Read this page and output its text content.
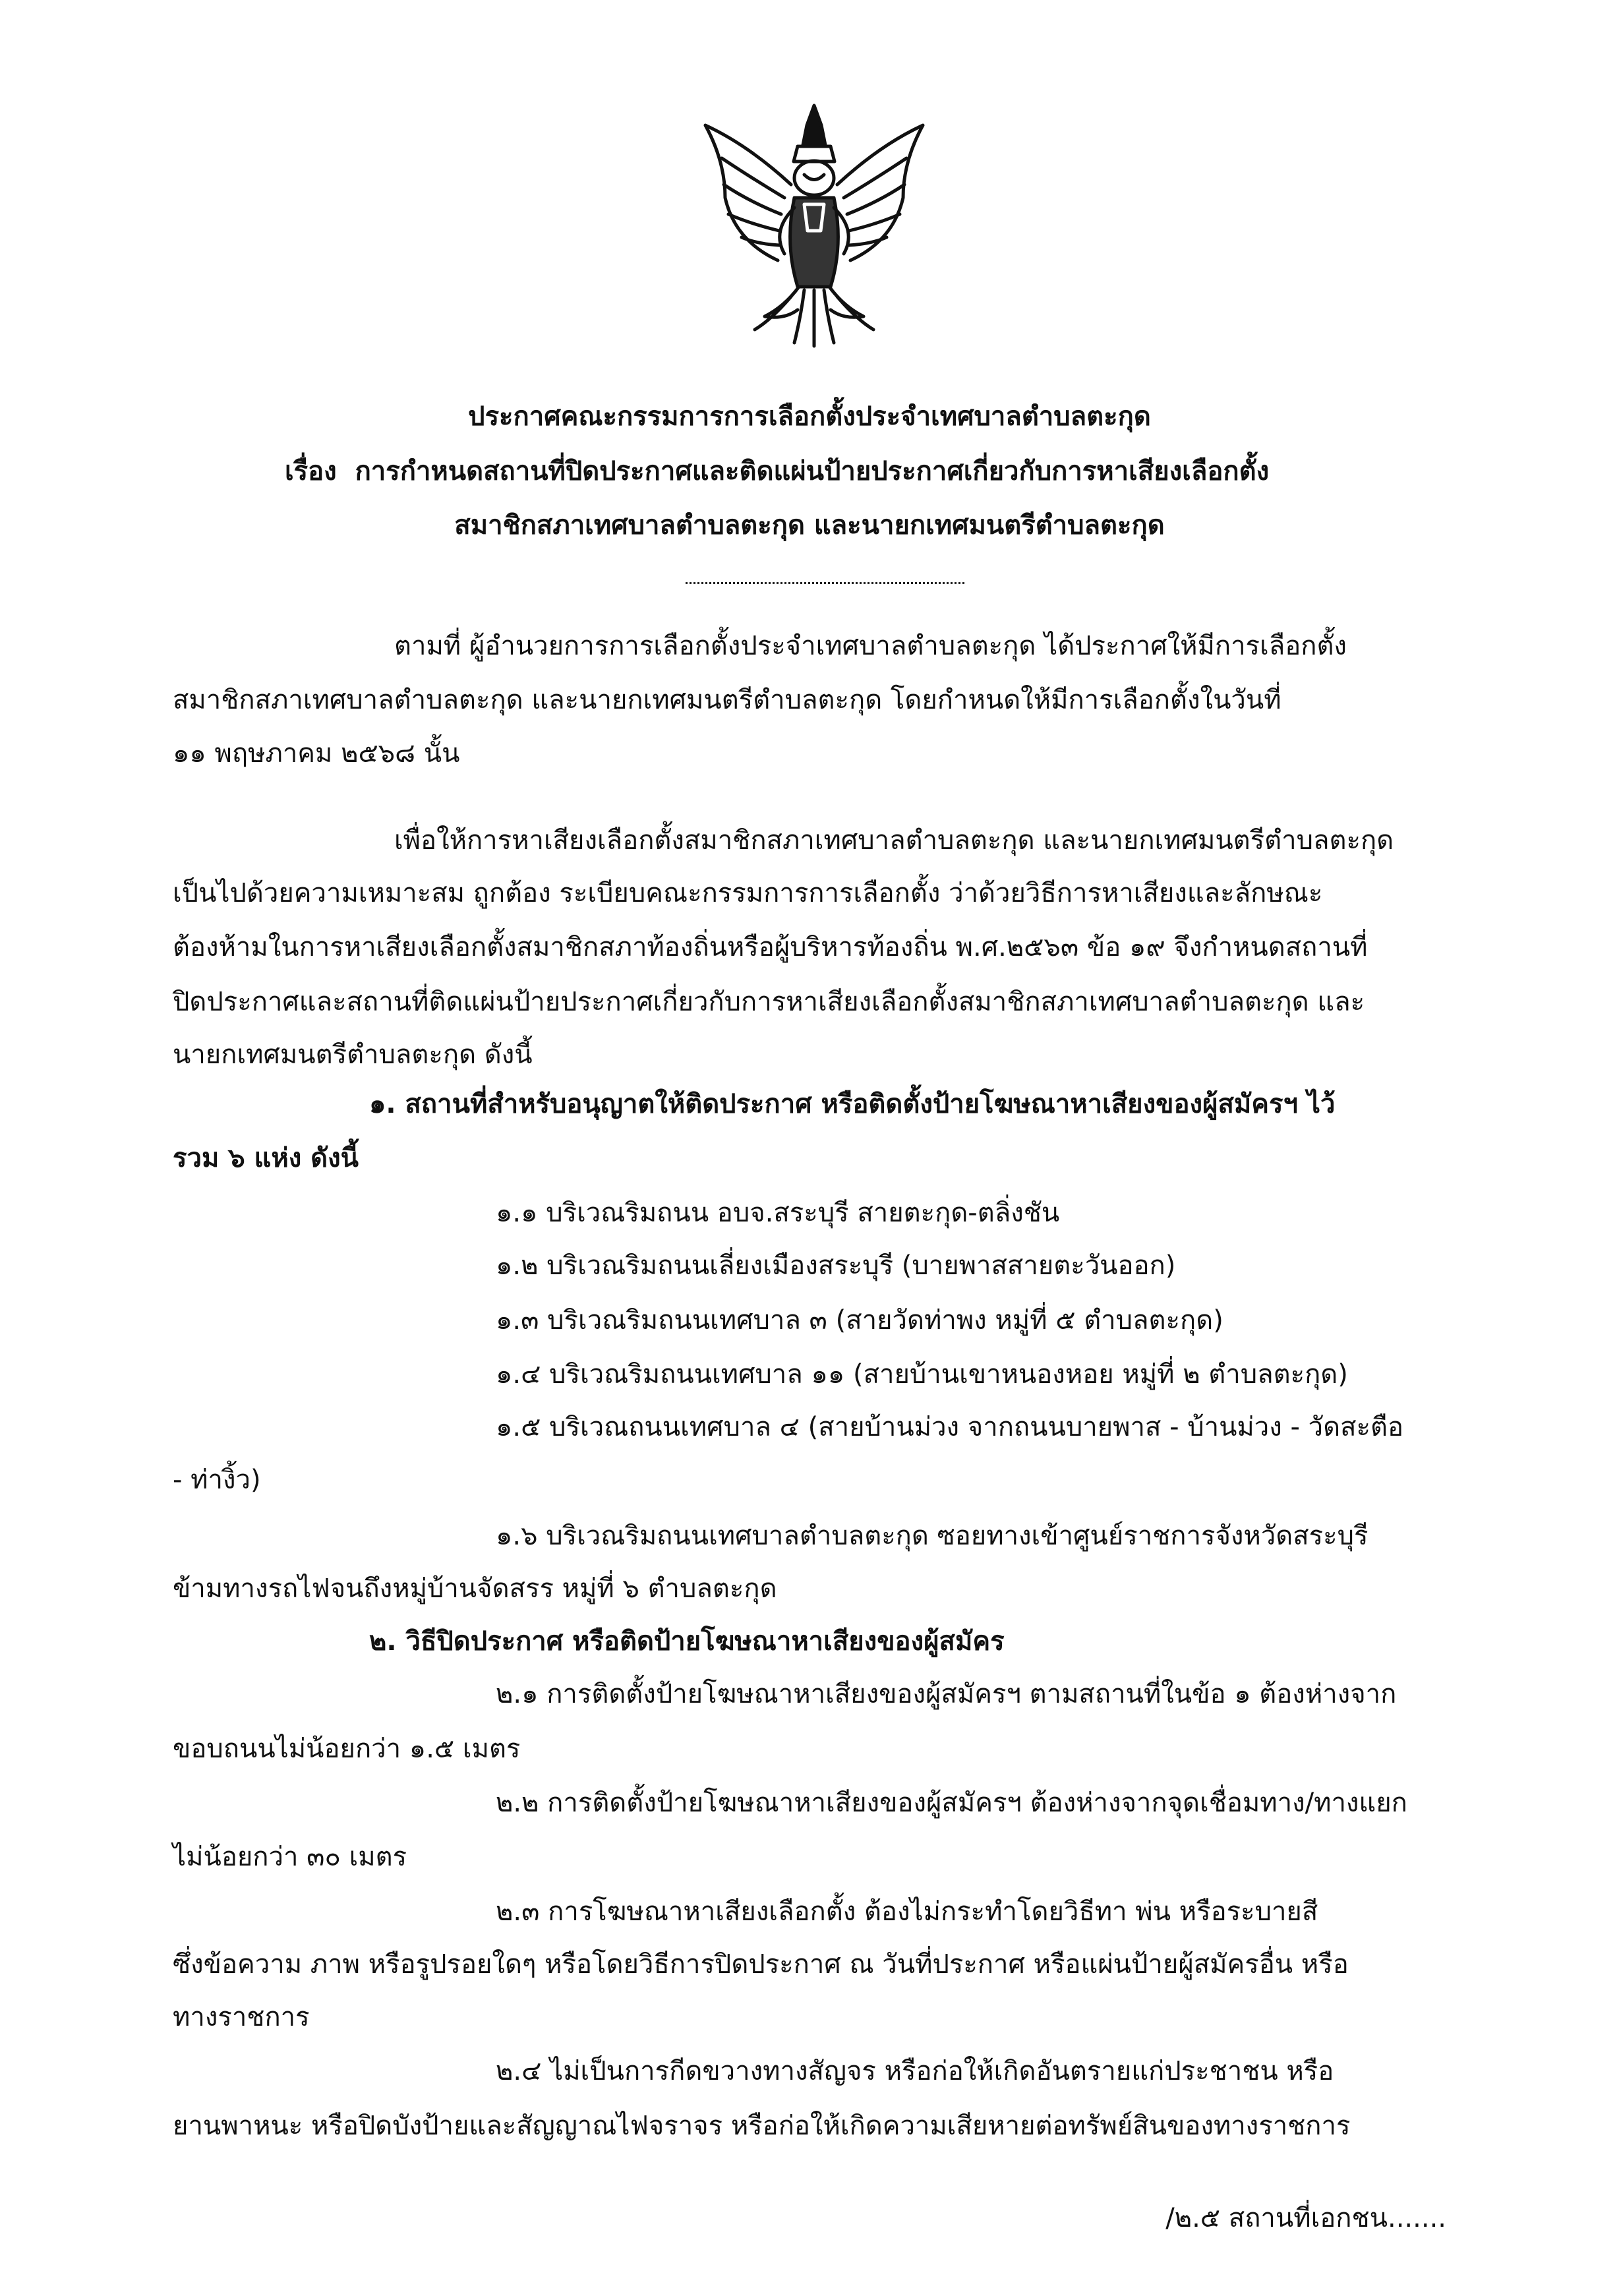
ประกาศคณะกรรมการการเลือกตั้งประจำเทศบาลตำบลตะกุด
เรื่อง การกำหนดสถานที่ปิดประกาศและติดแผ่นป้ายประกาศเกี่ยวกับการหาเสียงเลือกตั้ง
สมาชิกสภาเทศบาลตำบลตะกุด และนายกเทศมนตรีตำบลตะกุด
ตามที่ ผู้อำนวยการการเลือกตั้งประจำเทศบาลตำบลตะกุด ได้ประกาศให้มีการเลือกตั้ง
สมาชิกสภาเทศบาลตำบลตะกุด และนายกเทศมนตรีตำบลตะกุด โดยกำหนดให้มีการเลือกตั้งในวันที่
๑๑ พฤษภาคม ๒๕๖๘ นั้น
เพื่อให้การหาเสียงเลือกตั้งสมาชิกสภาเทศบาลตำบลตะกุด และนายกเทศมนตรีตำบลตะกุด
เป็นไปด้วยความเหมาะสม ถูกต้อง ระเบียบคณะกรรมการการเลือกตั้ง ว่าด้วยวิธีการหาเสียงและลักษณะ
ต้องห้ามในการหาเสียงเลือกตั้งสมาชิกสภาท้องถิ่นหรือผู้บริหารท้องถิ่น พ.ศ.๒๕๖๓ ข้อ ๑๙ จึงกำหนดสถานที่
ปิดประกาศและสถานที่ติดแผ่นป้ายประกาศเกี่ยวกับการหาเสียงเลือกตั้งสมาชิกสภาเทศบาลตำบลตะกุด และ
นายกเทศมนตรีตำบลตะกุด ดังนี้
๑. สถานที่สำหรับอนุญาตให้ติดประกาศ หรือติดตั้งป้ายโฆษณาหาเสียงของผู้สมัครฯ ไว้
รวม ๖ แห่ง ดังนี้
๑.๑ บริเวณริมถนน อบจ.สระบุรี สายตะกุด-ตลิ่งชัน
๑.๒ บริเวณริมถนนเลี่ยงเมืองสระบุรี (บายพาสสายตะวันออก)
๑.๓ บริเวณริมถนนเทศบาล ๓ (สายวัดท่าพง หมู่ที่ ๕ ตำบลตะกุด)
๑.๔ บริเวณริมถนนเทศบาล ๑๑ (สายบ้านเขาหนองหอย หมู่ที่ ๒ ตำบลตะกุด)
๑.๕ บริเวณถนนเทศบาล ๔ (สายบ้านม่วง จากถนนบายพาส - บ้านม่วง - วัดสะตือ
- ท่างิ้ว)
๑.๖ บริเวณริมถนนเทศบาลตำบลตะกุด ซอยทางเข้าศูนย์ราชการจังหวัดสระบุรี
ข้ามทางรถไฟจนถึงหมู่บ้านจัดสรร หมู่ที่ ๖ ตำบลตะกุด
๒. วิธีปิดประกาศ หรือติดป้ายโฆษณาหาเสียงของผู้สมัคร
๒.๑ การติดตั้งป้ายโฆษณาหาเสียงของผู้สมัครฯ ตามสถานที่ในข้อ ๑ ต้องห่างจาก
ขอบถนนไม่น้อยกว่า ๑.๕ เมตร
๒.๒ การติดตั้งป้ายโฆษณาหาเสียงของผู้สมัครฯ ต้องห่างจากจุดเชื่อมทาง/ทางแยก
ไม่น้อยกว่า ๓๐ เมตร
๒.๓ การโฆษณาหาเสียงเลือกตั้ง ต้องไม่กระทำโดยวิธีทา พ่น หรือระบายสี
ซึ่งข้อความ ภาพ หรือรูปรอยใดๆ หรือโดยวิธีการปิดประกาศ ณ วันที่ประกาศ หรือแผ่นป้ายผู้สมัครอื่น หรือ
ทางราชการ
๒.๔ ไม่เป็นการกีดขวางทางสัญจร หรือก่อให้เกิดอันตรายแก่ประชาชน หรือ
ยานพาหนะ หรือปิดบังป้ายและสัญญาณไฟจราจร หรือก่อให้เกิดความเสียหายต่อทรัพย์สินของทางราชการ
/๒.๕ สถานที่เอกชน.......
